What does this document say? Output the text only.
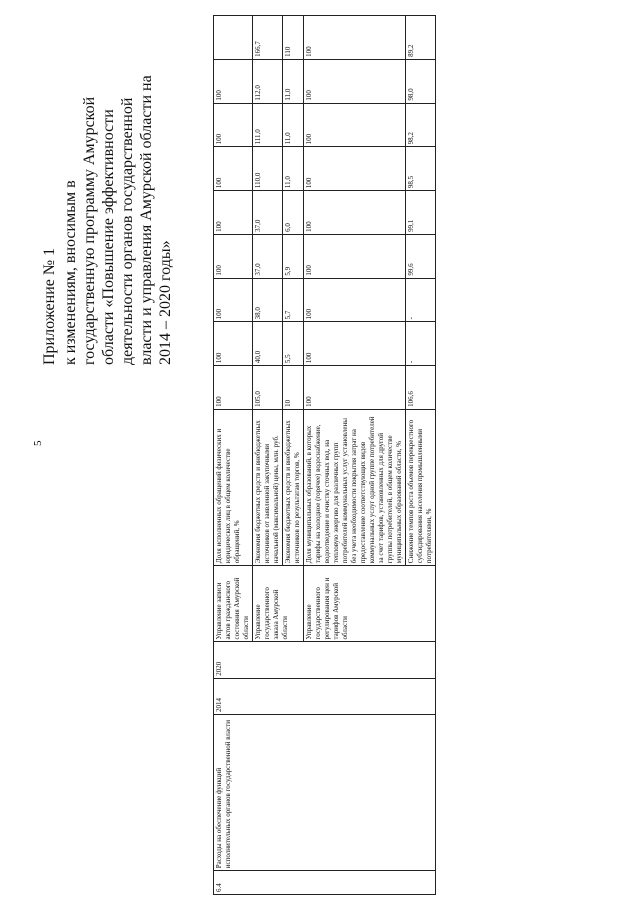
5
Приложение № 1 к изменениям, вносимым в государственную программу Амурской области «Повышение эффективности деятельности органов государственной власти и управления Амурской области на 2014 – 2020 годы»
6.4	Расходы на обеспечение функций исполнительных органов государственной власти	2014	2020	Управление записи актов гражданского состояния Амурской области	Доля исполненных обращений физических и юридических лиц в общем количестве обращений, %	100	100	100	100	100	100	100	100	
				Управление государственного заказа Амурской области	Экономия бюджетных средств и внебюджетных источников от заявленной закупочными начальной (максимальной) цены, млн. руб.	105,0	40,0	38,0	37,0	37,0	110,0	111,0	112,0	166,7
					Экономия бюджетных средств и внебюджетных источников по результатам торгов, %	10	5,5	5,7	5,9	6,0	11,0	11,0	11,0	110
				Управление государственного регулирования цен и тарифов Амурской области	Доля муниципальных образований, в которых тарифы на холодное (горячее) водоснабжение, водоотведение и очистку сточных вод, на тепловую энергию для различных групп потребителей коммунальных услуг установлены без учета необходимости покрытия затрат на предоставление соответствующих видов коммунальных услуг одной группе потребителей за счет тарифов, установленных для другой группы потребителей, в общем количестве муниципальных образований области, %	100	100	100	100	100	100	100	100	100
					Снижение темпов роста объемов перекрестного субсидирования населения промышленными потребителями, %	106,6	-	-	99,6	99,1	98,5	98,2	98,0	89,2
